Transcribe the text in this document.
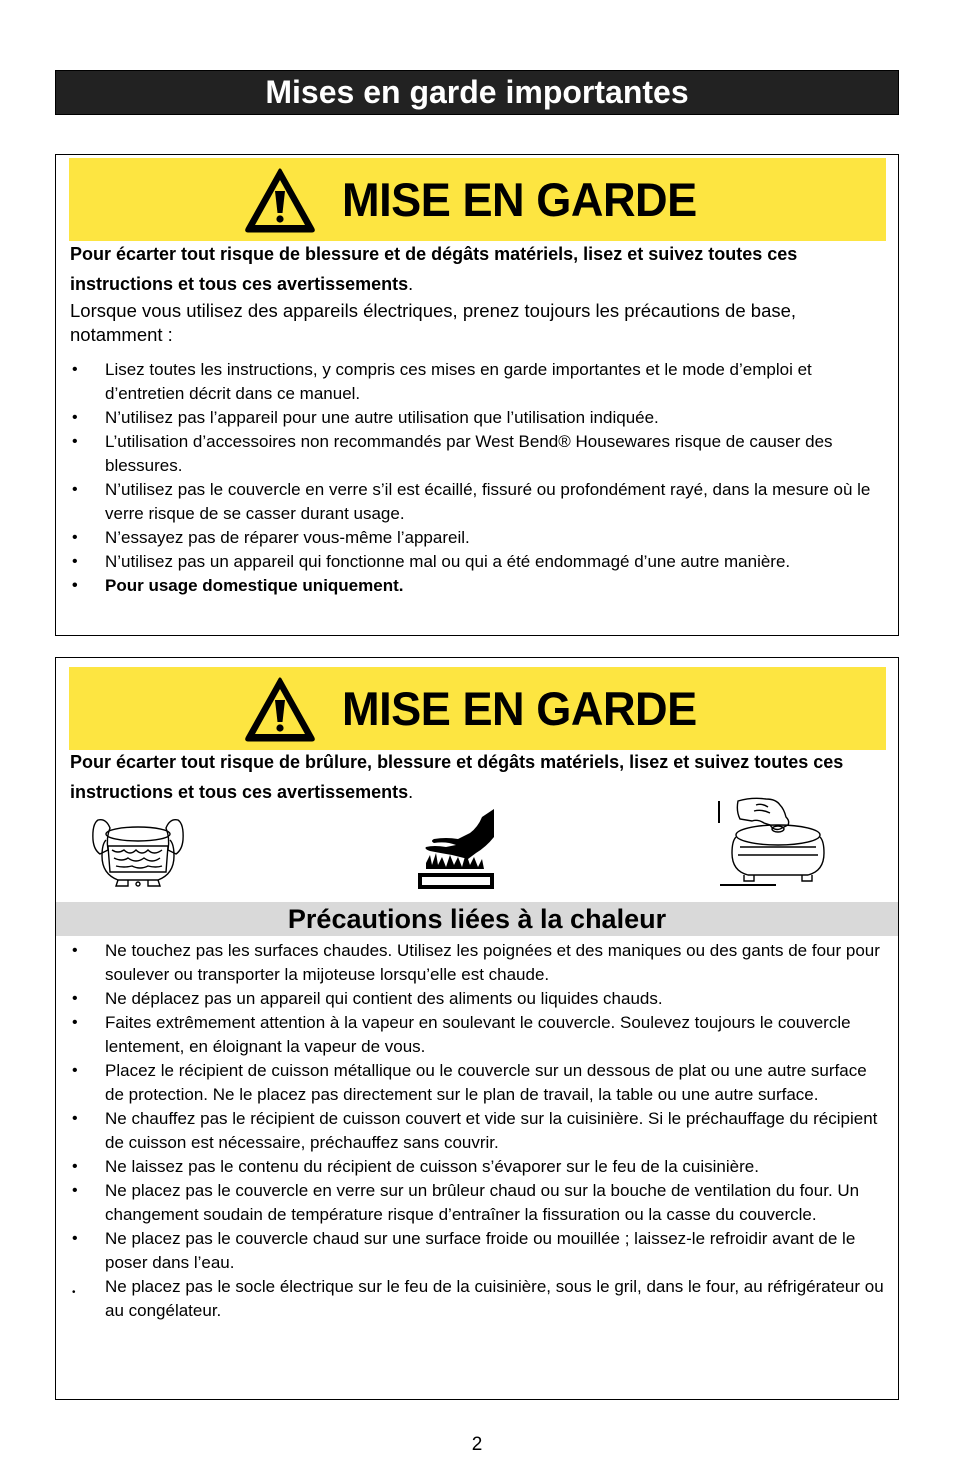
Mises en garde importantes
MISE EN GARDE
Pour écarter tout risque de blessure et de dégâts matériels, lisez et suivez toutes ces instructions et tous ces avertissements.
Lorsque vous utilisez des appareils électriques, prenez toujours les précautions de base, notamment :
• Lisez toutes les instructions, y compris ces mises en garde importantes et le mode d’emploi et d’entretien décrit dans ce manuel.
• N’utilisez pas l’appareil pour une autre utilisation que l’utilisation indiquée.
• L’utilisation d’accessoires non recommandés par West Bend® Housewares risque de causer des blessures.
• N’utilisez pas le couvercle en verre s’il est écaillé, fissuré ou profondément rayé, dans la mesure où le verre risque de se casser durant usage.
• N’essayez pas de réparer vous-même l’appareil.
• N’utilisez pas un appareil qui fonctionne mal ou qui a été endommagé d’une autre manière.
• Pour usage domestique uniquement.
MISE EN GARDE
Pour écarter tout risque de brûlure, blessure et dégâts matériels, lisez et suivez toutes ces instructions et tous ces avertissements.
Précautions liées à la chaleur
• Ne touchez pas les surfaces chaudes. Utilisez les poignées et des maniques ou des gants de four pour soulever ou transporter la mijoteuse lorsqu’elle est chaude.
• Ne déplacez pas un appareil qui contient des aliments ou liquides chauds.
• Faites extrêmement attention à la vapeur en soulevant le couvercle. Soulevez toujours le couvercle lentement, en éloignant la vapeur de vous.
• Placez le récipient de cuisson métallique ou le couvercle sur un dessous de plat ou une autre surface de protection. Ne le placez pas directement sur le plan de travail, la table ou une autre surface.
• Ne chauffez pas le récipient de cuisson couvert et vide sur la cuisinière. Si le préchauffage du récipient de cuisson est nécessaire, préchauffez sans couvrir.
• Ne laissez pas le contenu du récipient de cuisson s’évaporer sur le feu de la cuisinière.
• Ne placez pas le couvercle en verre sur un brûleur chaud ou sur la bouche de ventilation du four. Un changement soudain de température risque d’entraîner la fissuration ou la casse du couvercle.
• Ne placez pas le couvercle chaud sur une surface froide ou mouillée ; laissez-le refroidir avant de le poser dans l’eau.
• Ne placez pas le socle électrique sur le feu de la cuisinière, sous le gril, dans le four, au réfrigérateur ou au congélateur.
2
